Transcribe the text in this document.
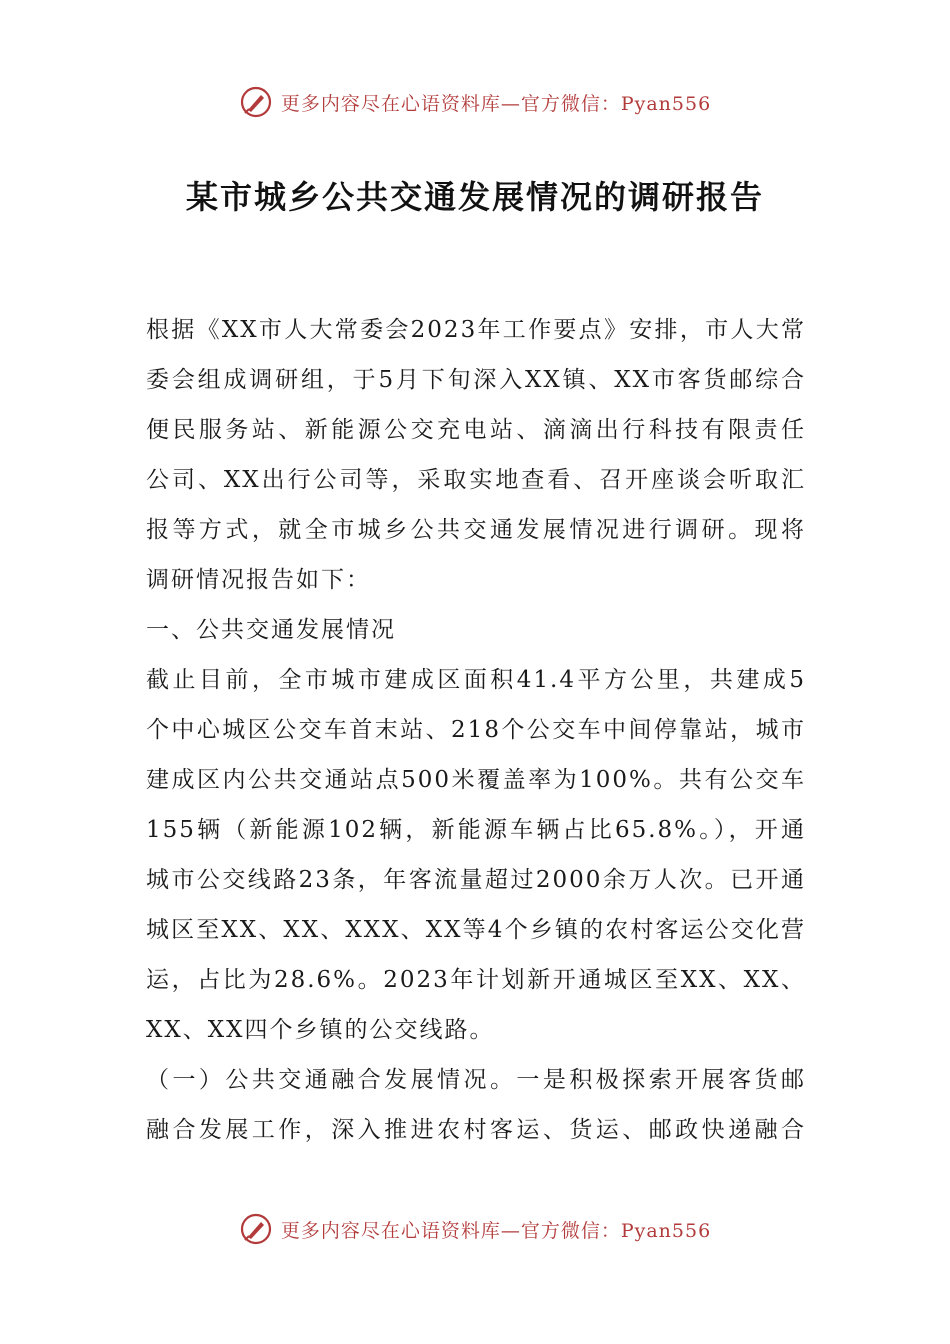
更多内容尽在心语资料库—官方微信：Pyan556
某市城乡公共交通发展情况的调研报告
根据《XX市人大常委会2023年工作要点》安排，市人大常
委会组成调研组，于5月下旬深入XX镇、XX市客货邮综合
便民服务站、新能源公交充电站、滴滴出行科技有限责任
公司、XX出行公司等，采取实地查看、召开座谈会听取汇
报等方式，就全市城乡公共交通发展情况进行调研。现将
调研情况报告如下：
一、公共交通发展情况
截止目前，全市城市建成区面积41.4平方公里，共建成5
个中心城区公交车首末站、218个公交车中间停靠站，城市
建成区内公共交通站点500米覆盖率为100%。共有公交车
155辆（新能源102辆，新能源车辆占比65.8%。），开通
城市公交线路23条，年客流量超过2000余万人次。已开通
城区至XX、XX、XXX、XX等4个乡镇的农村客运公交化营
运，占比为28.6%。2023年计划新开通城区至XX、XX、
XX、XX四个乡镇的公交线路。
（一）公共交通融合发展情况。一是积极探索开展客货邮
融合发展工作，深入推进农村客运、货运、邮政快递融合
更多内容尽在心语资料库—官方微信：Pyan556
